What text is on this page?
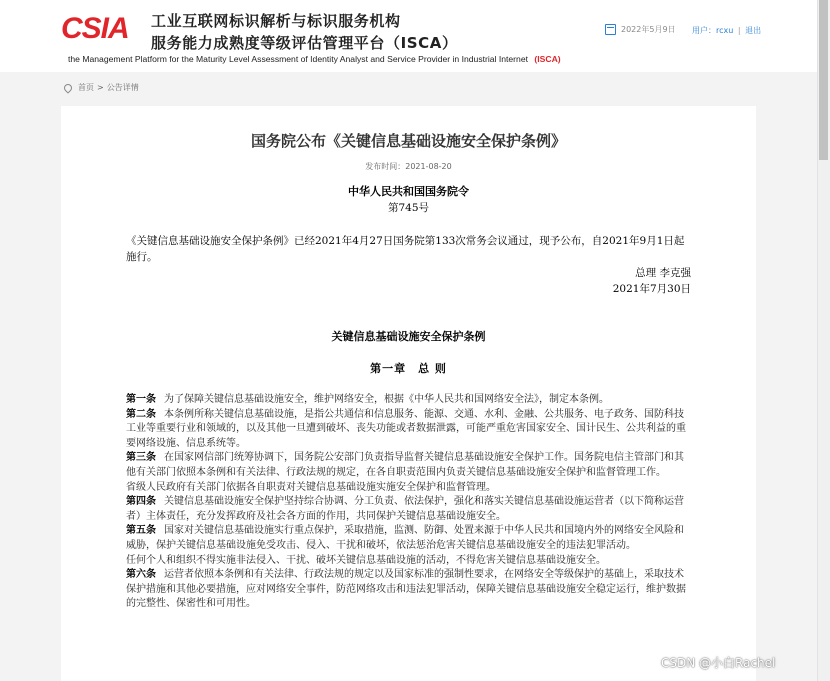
CSIA	工业互联网标识解析与标识服务机构
服务能力成熟度等级评估管理平台（ISCA）
the Management Platform for the Maturity Level Assessment of Identity Analyst and Service Provider in Industrial Internet (ISCA)
2022年5月9日 用户：rcxu | 退出
首页 > 公告详情
国务院公布《关键信息基础设施安全保护条例》
发布时间：2021-08-20
中华人民共和国国务院令
第745号
《关键信息基础设施安全保护条例》已经2021年4月27日国务院第133次常务会议通过，现予公布，自2021年9月1日起施行。
总理 李克强
2021年7月30日
关键信息基础设施安全保护条例
第一章　总 则

第一条 为了保障关键信息基础设施安全，维护网络安全，根据《中华人民共和国网络安全法》，制定本条例。

第二条 本条例所称关键信息基础设施，是指公共通信和信息服务、能源、交通、水利、金融、公共服务、电子政务、国防科技工业等重要行业和领域的，以及其他一旦遭到破坏、丧失功能或者数据泄露，可能严重危害国家安全、国计民生、公共利益的重要网络设施、信息系统等。

第三条 在国家网信部门统筹协调下，国务院公安部门负责指导监督关键信息基础设施安全保护工作。国务院电信主管部门和其他有关部门依照本条例和有关法律、行政法规的规定，在各自职责范围内负责关键信息基础设施安全保护和监督管理工作。

省级人民政府有关部门依据各自职责对关键信息基础设施实施安全保护和监督管理。

第四条 关键信息基础设施安全保护坚持综合协调、分工负责、依法保护，强化和落实关键信息基础设施运营者（以下简称运营者）主体责任，充分发挥政府及社会各方面的作用，共同保护关键信息基础设施安全。

第五条 国家对关键信息基础设施实行重点保护，采取措施，监测、防御、处置来源于中华人民共和国境内外的网络安全风险和威胁，保护关键信息基础设施免受攻击、侵入、干扰和破坏，依法惩治危害关键信息基础设施安全的违法犯罪活动。

任何个人和组织不得实施非法侵入、干扰、破坏关键信息基础设施的活动，不得危害关键信息基础设施安全。

第六条 运营者依照本条例和有关法律、行政法规的规定以及国家标准的强制性要求，在网络安全等级保护的基础上，采取技术保护措施和其他必要措施，应对网络安全事件，防范网络攻击和违法犯罪活动，保障关键信息基础设施安全稳定运行，维护数据的完整性、保密性和可用性。

CSDN @小白Rachel
